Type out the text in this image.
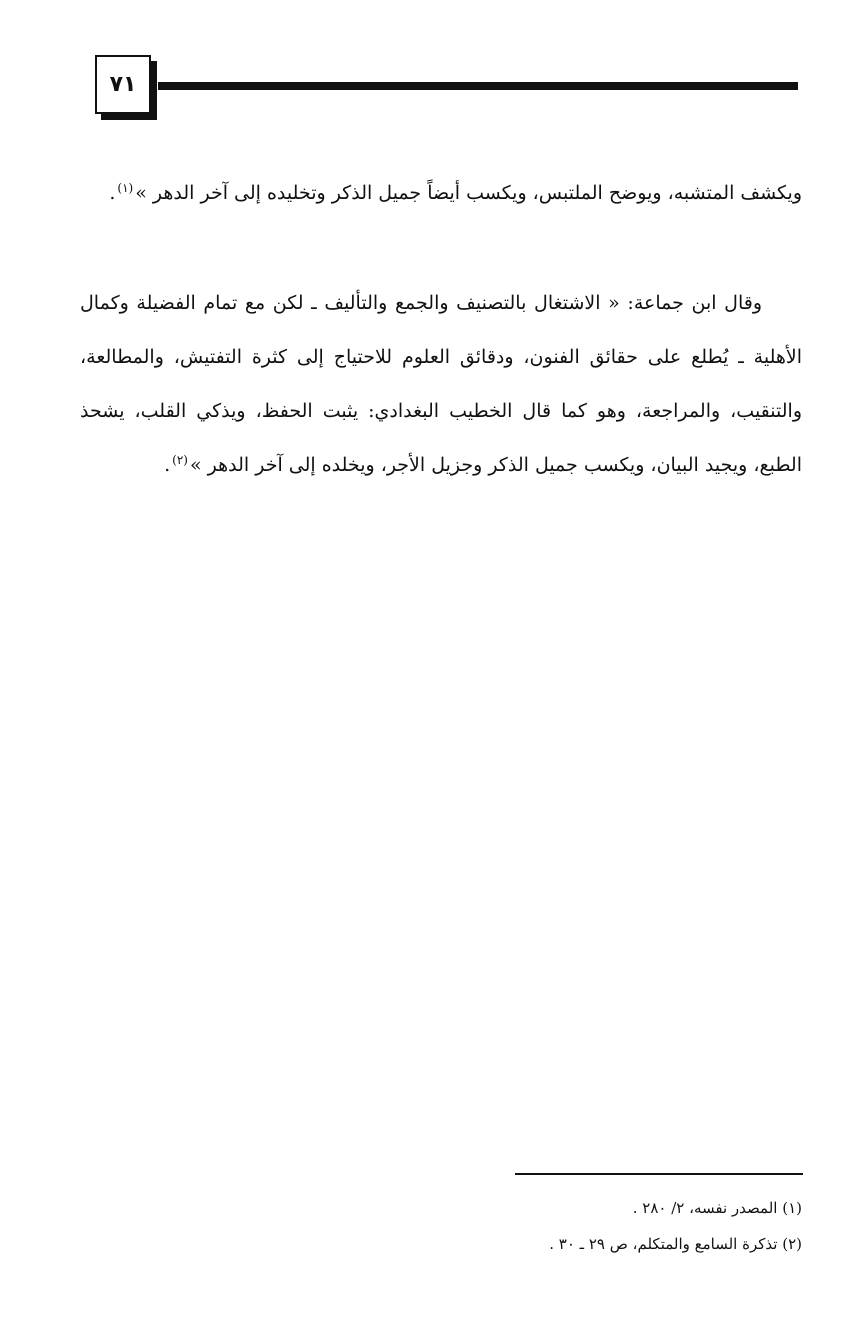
٧١

ويكشف المتشبه، ويوضح الملتبس، ويكسب أيضاً جميل الذكر وتخليده إلى آخر الدهر »$^{(١)}$.

وقال ابن جماعة: « الاشتغال بالتصنيف والجمع والتأليف ـ لكن مع تمام الفضيلة وكمال الأهلية ـ يُطلع على حقائق الفنون، ودقائق العلوم للاحتياج إلى كثرة التفتيش، والمطالعة، والتنقيب، والمراجعة، وهو كما قال الخطيب البغدادي: يثبت الحفظ، ويذكي القلب، يشحذ الطبع، ويجيد البيان، ويكسب جميل الذكر وجزيل الأجر، ويخلده إلى آخر الدهر »$^{(٢)}$.

(١) المصدر نفسه، ٢/ ٢٨٠ .

(٢) تذكرة السامع والمتكلم، ص ٢٩ ـ ٣٠ .
